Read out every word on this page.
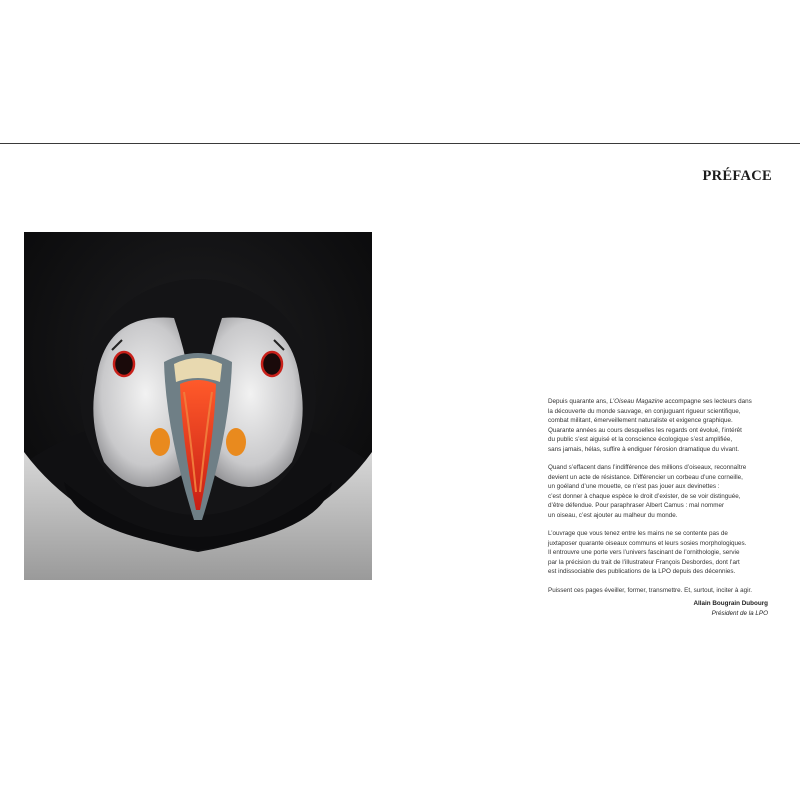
PRÉFACE

Depuis quarante ans, L’Oiseau Magazine accompagne ses lecteurs dans
la découverte du monde sauvage, en conjuguant rigueur scientifique,
combat militant, émerveillement naturaliste et exigence graphique.
Quarante années au cours desquelles les regards ont évolué, l’intérêt
du public s’est aiguisé et la conscience écologique s’est amplifiée,
sans jamais, hélas, suffire à endiguer l’érosion dramatique du vivant.

Quand s’effacent dans l’indifférence des millions d’oiseaux, reconnaître
devient un acte de résistance. Différencier un corbeau d’une corneille,
un goéland d’une mouette, ce n’est pas jouer aux devinettes :
c’est donner à chaque espèce le droit d’exister, de se voir distinguée,
d’être défendue. Pour paraphraser Albert Camus : mal nommer
un oiseau, c’est ajouter au malheur du monde.

L’ouvrage que vous tenez entre les mains ne se contente pas de
juxtaposer quarante oiseaux communs et leurs sosies morphologiques.
Il entrouvre une porte vers l’univers fascinant de l’ornithologie, servie
par la précision du trait de l’illustrateur François Desbordes, dont l’art
est indissociable des publications de la LPO depuis des décennies.

Puissent ces pages éveiller, former, transmettre. Et, surtout, inciter à agir.

Allain Bougrain Dubourg
Président de la LPO
